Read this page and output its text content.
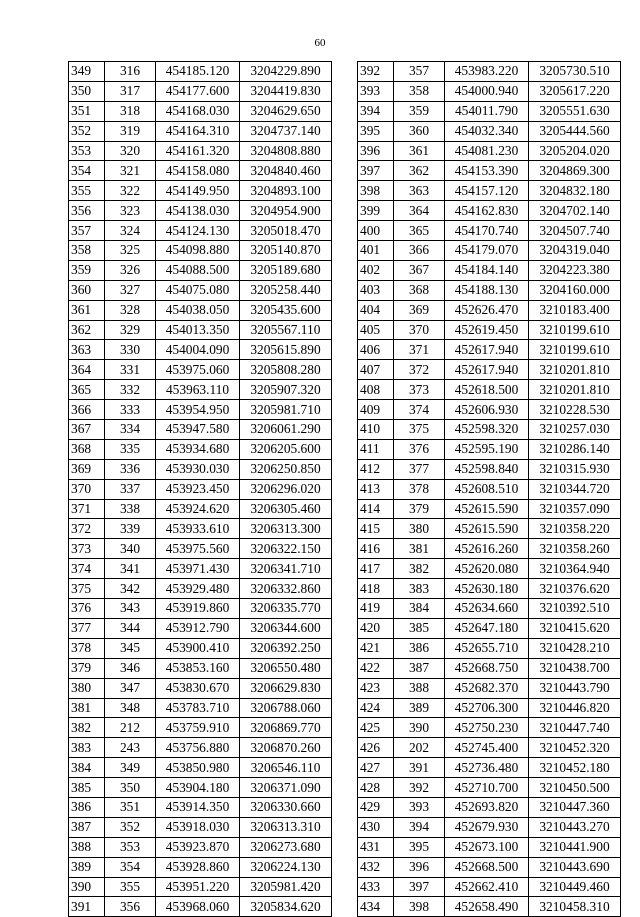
60
349	316	454185.120	3204229.890
350	317	454177.600	3204419.830
351	318	454168.030	3204629.650
352	319	454164.310	3204737.140
353	320	454161.320	3204808.880
354	321	454158.080	3204840.460
355	322	454149.950	3204893.100
356	323	454138.030	3204954.900
357	324	454124.130	3205018.470
358	325	454098.880	3205140.870
359	326	454088.500	3205189.680
360	327	454075.080	3205258.440
361	328	454038.050	3205435.600
362	329	454013.350	3205567.110
363	330	454004.090	3205615.890
364	331	453975.060	3205808.280
365	332	453963.110	3205907.320
366	333	453954.950	3205981.710
367	334	453947.580	3206061.290
368	335	453934.680	3206205.600
369	336	453930.030	3206250.850
370	337	453923.450	3206296.020
371	338	453924.620	3206305.460
372	339	453933.610	3206313.300
373	340	453975.560	3206322.150
374	341	453971.430	3206341.710
375	342	453929.480	3206332.860
376	343	453919.860	3206335.770
377	344	453912.790	3206344.600
378	345	453900.410	3206392.250
379	346	453853.160	3206550.480
380	347	453830.670	3206629.830
381	348	453783.710	3206788.060
382	212	453759.910	3206869.770
383	243	453756.880	3206870.260
384	349	453850.980	3206546.110
385	350	453904.180	3206371.090
386	351	453914.350	3206330.660
387	352	453918.030	3206313.310
388	353	453923.870	3206273.680
389	354	453928.860	3206224.130
390	355	453951.220	3205981.420
391	356	453968.060	3205834.620
392	357	453983.220	3205730.510
393	358	454000.940	3205617.220
394	359	454011.790	3205551.630
395	360	454032.340	3205444.560
396	361	454081.230	3205204.020
397	362	454153.390	3204869.300
398	363	454157.120	3204832.180
399	364	454162.830	3204702.140
400	365	454170.740	3204507.740
401	366	454179.070	3204319.040
402	367	454184.140	3204223.380
403	368	454188.130	3204160.000
404	369	452626.470	3210183.400
405	370	452619.450	3210199.610
406	371	452617.940	3210199.610
407	372	452617.940	3210201.810
408	373	452618.500	3210201.810
409	374	452606.930	3210228.530
410	375	452598.320	3210257.030
411	376	452595.190	3210286.140
412	377	452598.840	3210315.930
413	378	452608.510	3210344.720
414	379	452615.590	3210357.090
415	380	452615.590	3210358.220
416	381	452616.260	3210358.260
417	382	452620.080	3210364.940
418	383	452630.180	3210376.620
419	384	452634.660	3210392.510
420	385	452647.180	3210415.620
421	386	452655.710	3210428.210
422	387	452668.750	3210438.700
423	388	452682.370	3210443.790
424	389	452706.300	3210446.820
425	390	452750.230	3210447.740
426	202	452745.400	3210452.320
427	391	452736.480	3210452.180
428	392	452710.700	3210450.500
429	393	452693.820	3210447.360
430	394	452679.930	3210443.270
431	395	452673.100	3210441.900
432	396	452668.500	3210443.690
433	397	452662.410	3210449.460
434	398	452658.490	3210458.310
